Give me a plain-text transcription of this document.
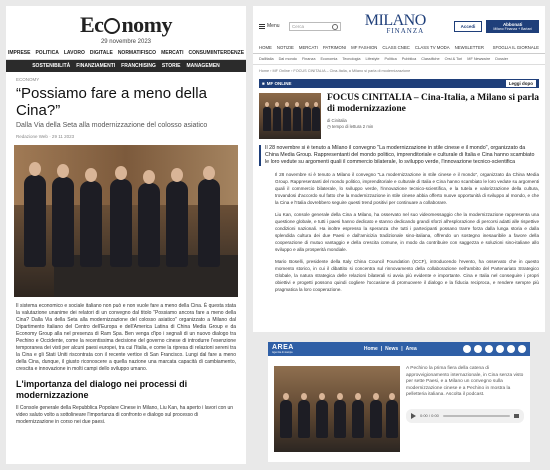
Ec nomy
29 novembre 2023
IMPRESE POLITICA LAVORO DIGITALE NORMATIFISCO MERCATI CONSUMIINTERDENZE
SOSTENIBILITÀ FINANZIAMENTI FRANCHISING STORIE MANAGEMEN
ECONOMY
“Possiamo fare a meno della Cina?”
Dalla Via della Seta alla modernizzazione del colosso asiatico
Redazione Web · 29 11 2023

Il sistema economico e sociale italiano non può e non vuole fare a meno della Cina. È questa stata la valutazione unanime dei relatori di un convegno dal titolo “Possiamo ancora fare a meno della Cina? Dalla Via della Seta alla modernizzazione del colosso asiatico” organizzato a Milano dal Dipartimento Italiano del Centro dell'Europa e dell'America Latina di China Media Group e da Economy Group alla nel presenza di Ram Spa. Ben venga d'ipo i segnali di un nuovo dialogo tra Pechino e Occidente, come la recentissima decisione del governo cinese di introdurre l'esenzione temporanea dei visti per alcuni paesi europei, tra cui l'Italia, e come la ripresa di relazioni sereni tra la Cina e gli Stati Uniti riscontrata con il recente vertice di San Francisco. Lungi dal fare a meno della Cina, dunque, il giusto riconoscere a quella nazione una marcata capacità di cambiamento, crescita e innovazione in molti campi dello sviluppo umano.

L'importanza del dialogo nei processi di modernizzazione

Il Console generale della Repubblica Popolare Cinese in Milano, Liu Kan, ha aperto i lavori con un video saluto volto a sottolineare l'importanza di confronto e dialogo sul processo di modernizzazione in corso nei due paesi.

Menu	Cerca	MILANO
FINANZA
Accedi	Abbonati
Milano Finanza + Bariani
HOME NOTIZIE MERCATI PATRIMONI MF FASHION CLASS CNBC CLASS TV MODA NEWSLETTER SFOGLIA IL GIORNALE
DallItalia Dal mondo Finanza Economia Tecnologia Lifestyle Politica Pubblica Classifiche Orsi & Tori MF Newswire Dossier
Home › MF Online › FOCUS CINITALIA – Cina-Italia, a Milano si parla di modernizzazione
■ MF ONLINE	Leggi dopo
FOCUS CINITALIA – Cina-Italia, a Milano si parla di modernizzazione
di Cinitalia
◷ tempo di lettura 2 min

Il 28 novembre si è tenuto a Milano il convegno "La modernizzazione in stile cinese e il mondo", organizzato da China Media Group. Rappresentanti del mondo politico, imprenditoriale e culturale di Italia e Cina hanno scambiato le loro vedute su argomenti quali il commercio bilaterale, lo sviluppo verde, l'innovazione tecnico-scientifica

Il 28 novembre si è tenuto a Milano il convegno "La modernizzazione in stile cinese e il mondo", organizzato da China Media Group. Rappresentanti del mondo politico, imprenditoriale e culturale di Italia e Cina hanno scambiato le loro vedute su argomenti quali il commercio bilaterale, lo sviluppo verde, l'innovazione tecnico-scientifica, e la tutela e valorizzazione della cultura, trovandosi d'accordo sul fatto che la modernizzazione in stile cinese abbia offerto nuove opportunità di sviluppo al mondo, e che la Cina e l'Italia dovrebbero seguire questi trend positivi per continuare a collaborare.

Liu Kan, console generale della Cina a Milano, ha osservato nel suo videomessaggio che la modernizzazione rappresenta una questione globale, e tutti i paesi hanno dedicato e stanno dedicando grandi sforzi all'esplorazione di percorsi adatti alle rispettive condizioni nazionali. Ha inoltre espresso la speranza che tutti i partecipanti possano trarre forza dalla lunga storia e dalla splendida cultura dei due Paesi e dall'amicizia tradizionale sino-italiana, offrendo un sostegno inesauribile a favore della cooperazione di mutuo vantaggio e della crescita comune, in modo da contribuire con saggezza e soluzioni sino-italiane allo sviluppo e alla prosperità mondiale.

Mario Boselli, presidente della Italy China Council Foundation (ICCF), introducendo l'evento, ha osservato che in questo momento storico, in cui il dibattito si concentra sul rinnovamento della collaborazione nell'ambito del Partenariato Strategico Globale, la natura strategica delle relazioni bilaterali si avvia più evidente e importante. Cina e Italia nel conseguire i propri obiettivi e progetti possono quindi cogliere l'occasione di promuovere il dialogo e la fiducia reciproca, e rendere sempre più pragmatica la loro cooperazione.

AREA
Agenzia di stampa
Home | News | Area

A Pechino la prima fiera della catena di approvvigionamento internazionale, in Cina senza visto per sette Paesi, e a Milano un convegno sulla modernizzazione cinese e a Pechino in mostra la pelletteria italiana. Ascolta il podcast.

0:00 / 0:00
